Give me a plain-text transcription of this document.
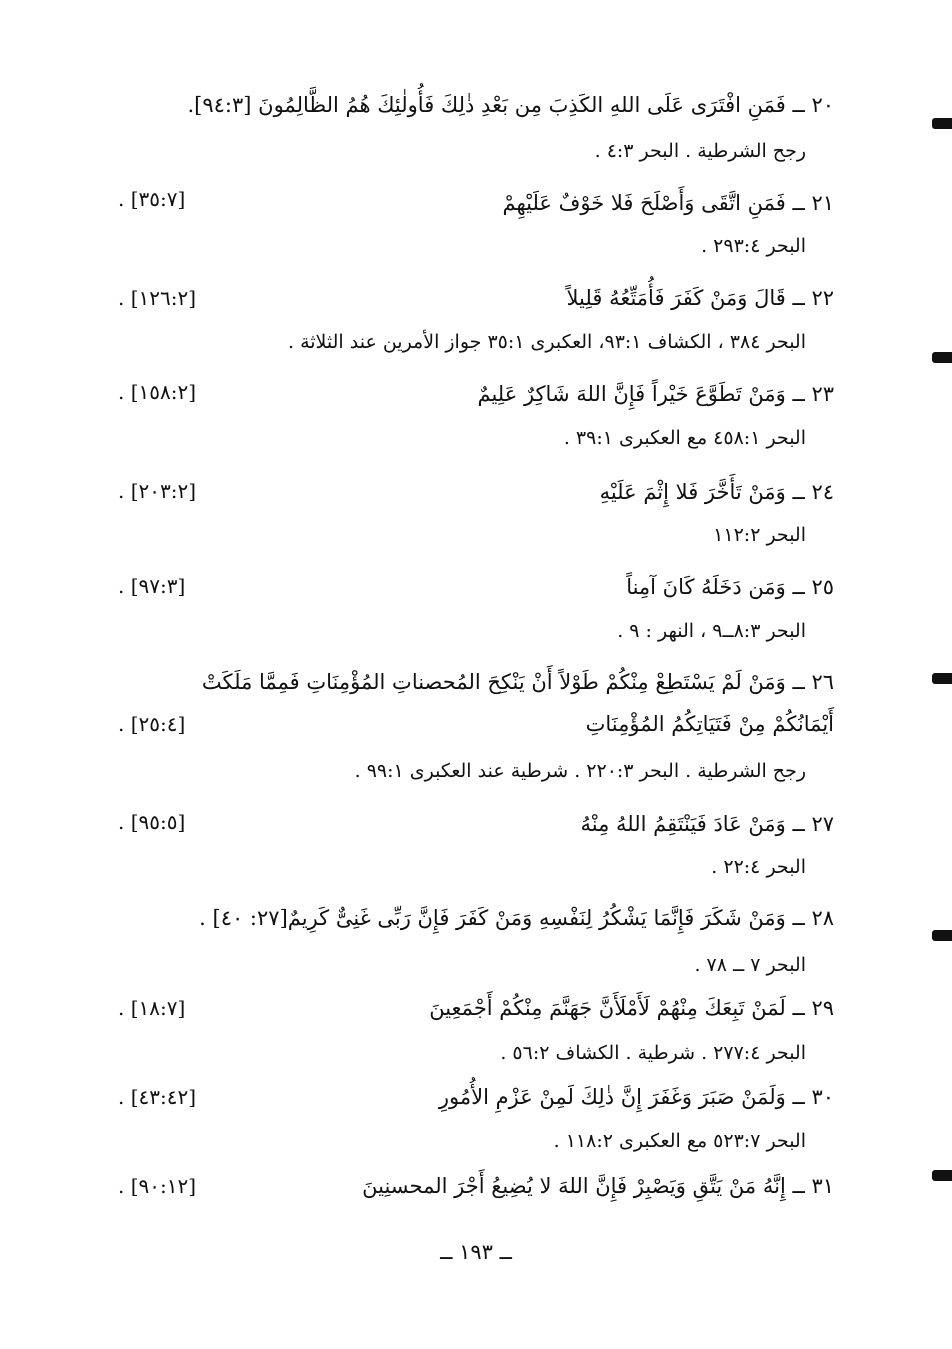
٢٠ ــ فَمَنِ افْتَرَى عَلَى اللهِ الكَذِبَ مِن بَعْدِ ذٰلِكَ فَأُولٰئِكَ هُمُ الظَّالِمُونَ [٩٤:٣].
رجح الشرطية . البحر ٤:٣ .
٢١ ــ فَمَنِ اتَّقَى وَأَصْلَحَ فَلا خَوْفٌ عَلَيْهِمْ
. [٣٥:٧]
البحر ٢٩٣:٤ .
٢٢ ــ قَالَ وَمَنْ كَفَرَ فَأُمَتِّعُهُ قَلِيلاً
. [١٢٦:٢]
البحر ٣٨٤ ، الكشاف ٩٣:١، العكبرى ٣٥:١ جواز الأمرين عند الثلاثة .
٢٣ ــ وَمَنْ تَطَوَّعَ خَيْراً فَإِنَّ اللهَ شَاكِرٌ عَلِيمٌ
. [١٥٨:٢]
البحر ٤٥٨:١ مع العكبرى ٣٩:١ .
٢٤ ــ وَمَنْ تَأَخَّرَ فَلا إِثْمَ عَلَيْهِ
. [٢٠٣:٢]
البحر ١١٢:٢
٢٥ ــ وَمَن دَخَلَهُ كَانَ آمِناً
. [٩٧:٣]
البحر ٨:٣ــ٩ ، النهر : ٩ .
٢٦ ــ وَمَنْ لَمْ يَسْتَطِعْ مِنْكُمْ طَوْلاً أَنْ يَنْكِحَ المُحصناتِ المُؤْمِنَاتِ فَمِمَّا مَلَكَتْ
أَيْمَانُكُمْ مِنْ فَتَيَاتِكُمُ المُؤْمِنَاتِ
. [٢٥:٤]
رجح الشرطية . البحر ٢٢٠:٣ . شرطية عند العكبرى ٩٩:١ .
٢٧ ــ وَمَنْ عَادَ فَيَنْتَقِمُ اللهُ مِنْهُ
. [٩٥:٥]
البحر ٢٢:٤ .
٢٨ ــ وَمَنْ شَكَرَ فَإِنَّمَا يَشْكُرُ لِنَفْسِهِ وَمَنْ كَفَرَ فَإِنَّ رَبِّى غَنِىٌّ كَرِيمٌ[٢٧: ٤٠] .
البحر ٧ ــ ٧٨ .
٢٩ ــ لَمَنْ تَبِعَكَ مِنْهُمْ لَأَمْلَأَنَّ جَهَنَّمَ مِنْكُمْ أَجْمَعِينَ
. [١٨:٧]
البحر ٢٧٧:٤ . شرطية . الكشاف ٥٦:٢ .
٣٠ ــ وَلَمَنْ صَبَرَ وَغَفَرَ إِنَّ ذٰلِكَ لَمِنْ عَزْمِ الأُمُورِ
. [٤٣:٤٢]
البحر ٥٢٣:٧ مع العكبرى ١١٨:٢ .
٣١ ــ إِنَّهُ مَنْ يَتَّقِ وَيَصْبِرْ فَإِنَّ اللهَ لا يُضِيعُ أَجْرَ المحسنِينَ
. [٩٠:١٢]
ــ ١٩٣ ــ
